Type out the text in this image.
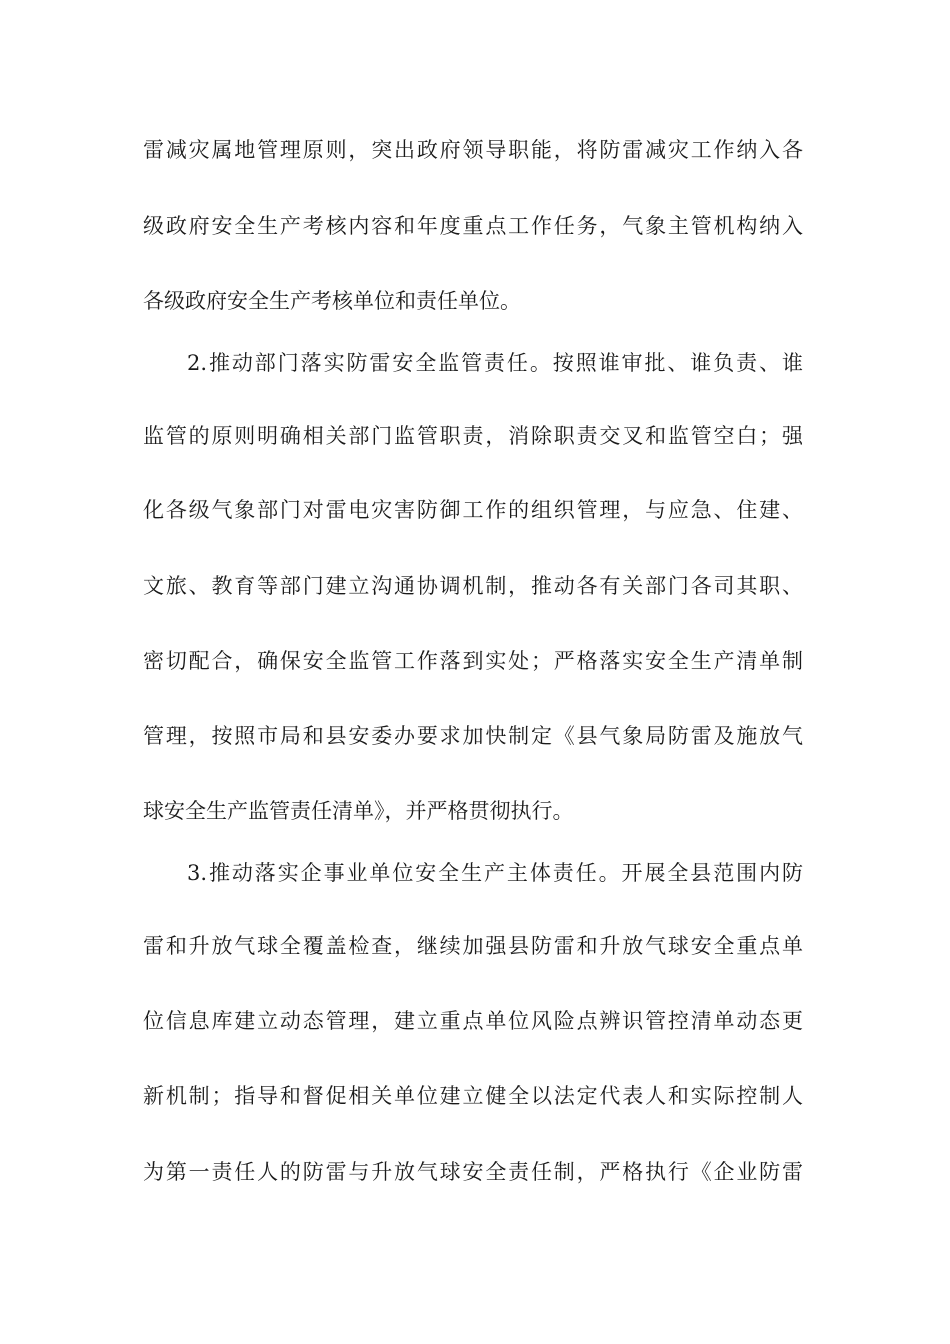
雷减灾属地管理原则，突出政府领导职能，将防雷减灾工作纳入各
级政府安全生产考核内容和年度重点工作任务，气象主管机构纳入
各级政府安全生产考核单位和责任单位。
2.推动部门落实防雷安全监管责任。按照谁审批、谁负责、谁
监管的原则明确相关部门监管职责，消除职责交叉和监管空白；强
化各级气象部门对雷电灾害防御工作的组织管理，与应急、住建、
文旅、教育等部门建立沟通协调机制，推动各有关部门各司其职、
密切配合，确保安全监管工作落到实处；严格落实安全生产清单制
管理，按照市局和县安委办要求加快制定《县气象局防雷及施放气
球安全生产监管责任清单》，并严格贯彻执行。
3.推动落实企事业单位安全生产主体责任。开展全县范围内防
雷和升放气球全覆盖检查，继续加强县防雷和升放气球安全重点单
位信息库建立动态管理，建立重点单位风险点辨识管控清单动态更
新机制；指导和督促相关单位建立健全以法定代表人和实际控制人
为第一责任人的防雷与升放气球安全责任制，严格执行《企业防雷
